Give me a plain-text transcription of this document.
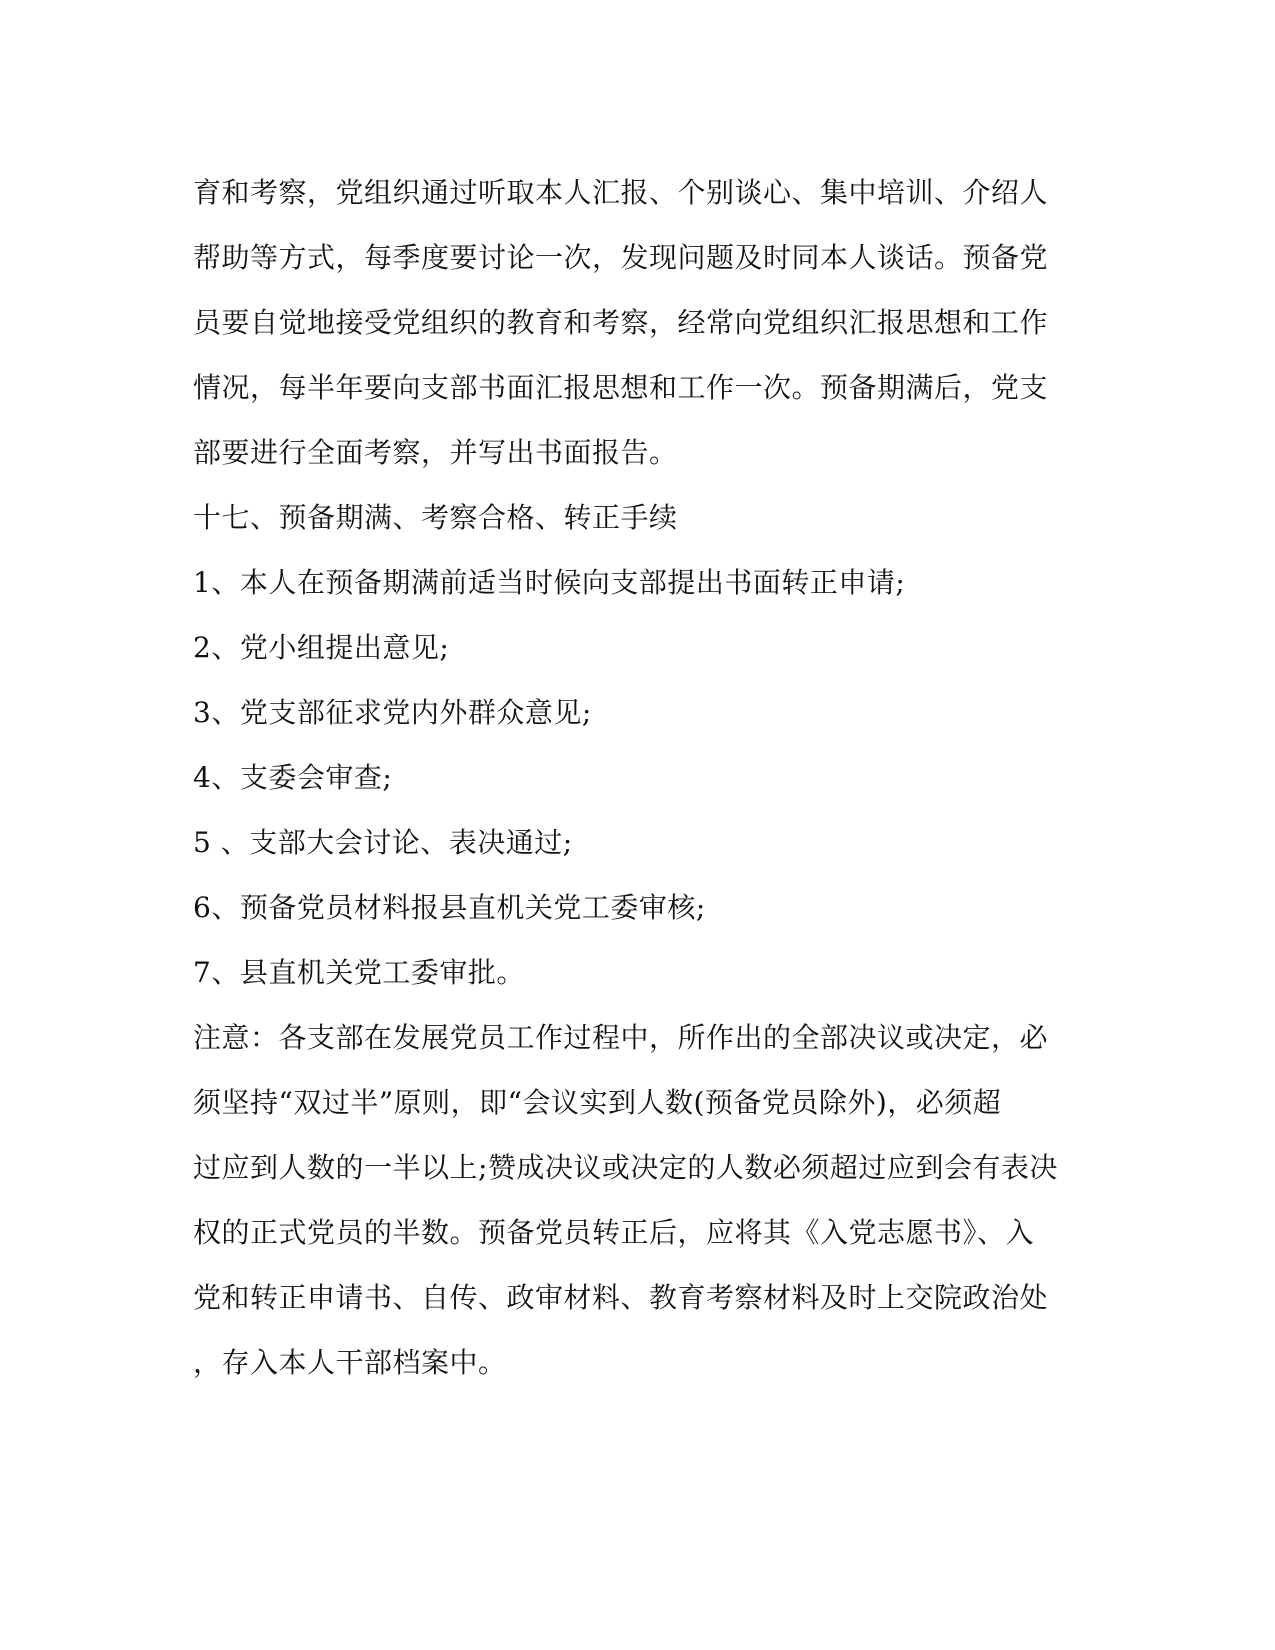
育和考察，党组织通过听取本人汇报、个别谈心、集中培训、介绍人
帮助等方式，每季度要讨论一次，发现问题及时同本人谈话。预备党
员要自觉地接受党组织的教育和考察，经常向党组织汇报思想和工作
情况，每半年要向支部书面汇报思想和工作一次。预备期满后，党支
部要进行全面考察，并写出书面报告。
十七、预备期满、考察合格、转正手续
1、本人在预备期满前适当时候向支部提出书面转正申请;
2、党小组提出意见;
3、党支部征求党内外群众意见;
4、支委会审查;
5 、支部大会讨论、表决通过;
6、预备党员材料报县直机关党工委审核;
7、县直机关党工委审批。
注意：各支部在发展党员工作过程中，所作出的全部决议或决定，必
须坚持“双过半”原则，即“会议实到人数(预备党员除外)，必须超
过应到人数的一半以上;赞成决议或决定的人数必须超过应到会有表决
权的正式党员的半数。预备党员转正后，应将其《入党志愿书》、入
党和转正申请书、自传、政审材料、教育考察材料及时上交院政治处
，存入本人干部档案中。
